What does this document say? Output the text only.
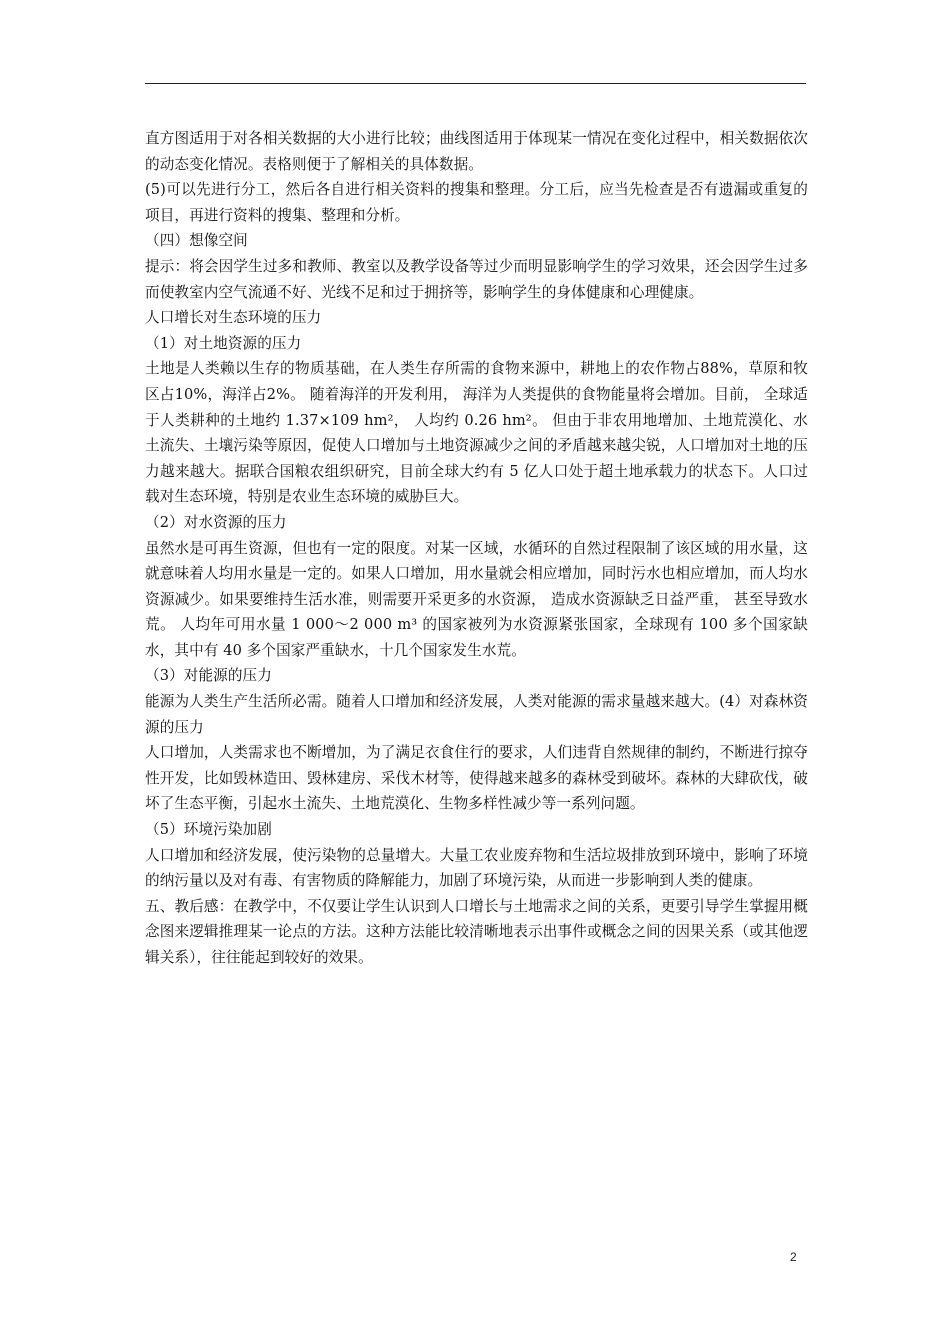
直方图适用于对各相关数据的大小进行比较；曲线图适用于体现某一情况在变化过程中，相关数据依次的动态变化情况。表格则便于了解相关的具体数据。

(5)可以先进行分工，然后各自进行相关资料的搜集和整理。分工后，应当先检查是否有遗漏或重复的项目，再进行资料的搜集、整理和分析。

（四）想像空间

提示：将会因学生过多和教师、教室以及教学设备等过少而明显影响学生的学习效果，还会因学生过多而使教室内空气流通不好、光线不足和过于拥挤等，影响学生的身体健康和心理健康。

人口增长对生态环境的压力

（1）对土地资源的压力

土地是人类赖以生存的物质基础，在人类生存所需的食物来源中，耕地上的农作物占88%，草原和牧区占10%，海洋占2%。 随着海洋的开发利用， 海洋为人类提供的食物能量将会增加。目前， 全球适于人类耕种的土地约 1.37×109 hm²， 人均约 0.26 hm²。 但由于非农用地增加、土地荒漠化、水土流失、土壤污染等原因，促使人口增加与土地资源减少之间的矛盾越来越尖锐，人口增加对土地的压力越来越大。据联合国粮农组织研究，目前全球大约有 5 亿人口处于超土地承载力的状态下。人口过载对生态环境，特别是农业生态环境的威胁巨大。

（2）对水资源的压力

虽然水是可再生资源，但也有一定的限度。对某一区域，水循环的自然过程限制了该区域的用水量，这就意味着人均用水量是一定的。如果人口增加，用水量就会相应增加，同时污水也相应增加，而人均水资源减少。如果要维持生活水准，则需要开采更多的水资源， 造成水资源缺乏日益严重， 甚至导致水荒。 人均年可用水量 1 000～2 000 m³ 的国家被列为水资源紧张国家，全球现有 100 多个国家缺水，其中有 40 多个国家严重缺水，十几个国家发生水荒。

（3）对能源的压力

能源为人类生产生活所必需。随着人口增加和经济发展，人类对能源的需求量越来越大。(4）对森林资源的压力

人口增加，人类需求也不断增加，为了满足衣食住行的要求，人们违背自然规律的制约，不断进行掠夺性开发，比如毁林造田、毁林建房、采伐木材等，使得越来越多的森林受到破坏。森林的大肆砍伐，破坏了生态平衡，引起水土流失、土地荒漠化、生物多样性减少等一系列问题。

（5）环境污染加剧

人口增加和经济发展，使污染物的总量增大。大量工农业废弃物和生活垃圾排放到环境中，影响了环境的纳污量以及对有毒、有害物质的降解能力，加剧了环境污染，从而进一步影响到人类的健康。

五、教后感：在教学中，不仅要让学生认识到人口增长与土地需求之间的关系，更要引导学生掌握用概念图来逻辑推理某一论点的方法。这种方法能比较清晰地表示出事件或概念之间的因果关系（或其他逻辑关系），往往能起到较好的效果。

2
